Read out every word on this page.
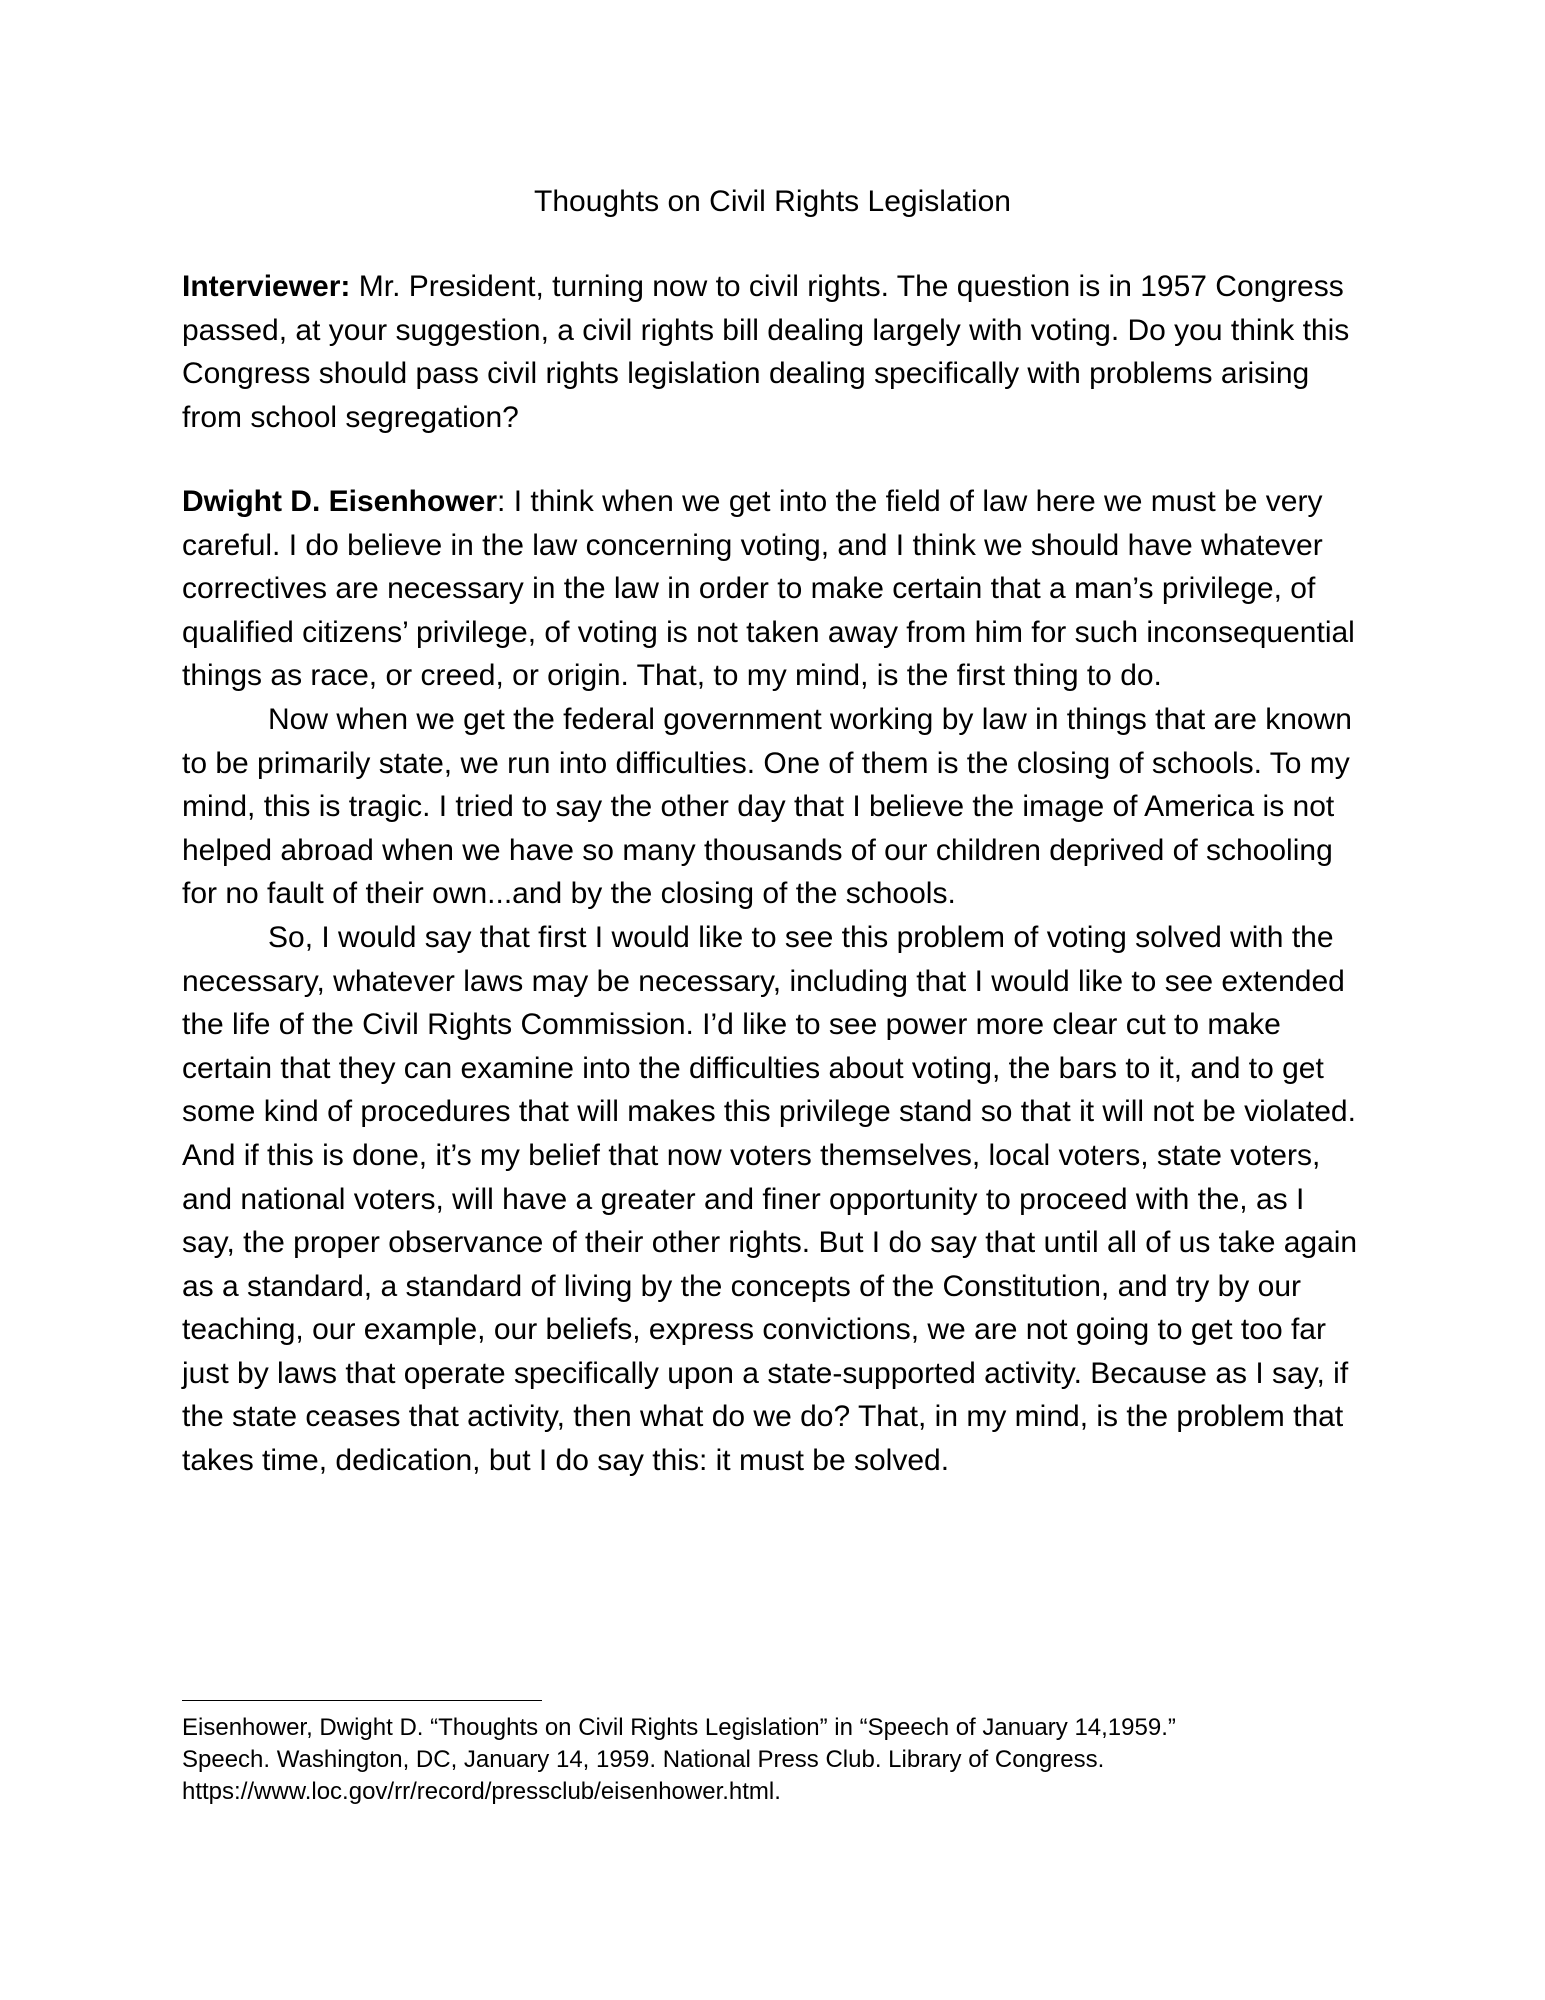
Thoughts on Civil Rights Legislation

Interviewer: Mr. President, turning now to civil rights. The question is in 1957 Congress passed, at your suggestion, a civil rights bill dealing largely with voting. Do you think this Congress should pass civil rights legislation dealing specifically with problems arising from school segregation?

Dwight D. Eisenhower: I think when we get into the field of law here we must be very careful. I do believe in the law concerning voting, and I think we should have whatever correctives are necessary in the law in order to make certain that a man’s privilege, of qualified citizens’ privilege, of voting is not taken away from him for such inconsequential things as race, or creed, or origin. That, to my mind, is the first thing to do.

Now when we get the federal government working by law in things that are known to be primarily state, we run into difficulties. One of them is the closing of schools. To my mind, this is tragic. I tried to say the other day that I believe the image of America is not helped abroad when we have so many thousands of our children deprived of schooling for no fault of their own...and by the closing of the schools.

So, I would say that first I would like to see this problem of voting solved with the necessary, whatever laws may be necessary, including that I would like to see extended the life of the Civil Rights Commission. I’d like to see power more clear cut to make certain that they can examine into the difficulties about voting, the bars to it, and to get some kind of procedures that will makes this privilege stand so that it will not be violated. And if this is done, it’s my belief that now voters themselves, local voters, state voters, and national voters, will have a greater and finer opportunity to proceed with the, as I say, the proper observance of their other rights. But I do say that until all of us take again as a standard, a standard of living by the concepts of the Constitution, and try by our teaching, our example, our beliefs, express convictions, we are not going to get too far just by laws that operate specifically upon a state-supported activity. Because as I say, if the state ceases that activity, then what do we do? That, in my mind, is the problem that takes time, dedication, but I do say this: it must be solved.

Eisenhower, Dwight D. “Thoughts on Civil Rights Legislation” in “Speech of January 14,1959.”
Speech. Washington, DC, January 14, 1959. National Press Club. Library of Congress.
https://www.loc.gov/rr/record/pressclub/eisenhower.html.
